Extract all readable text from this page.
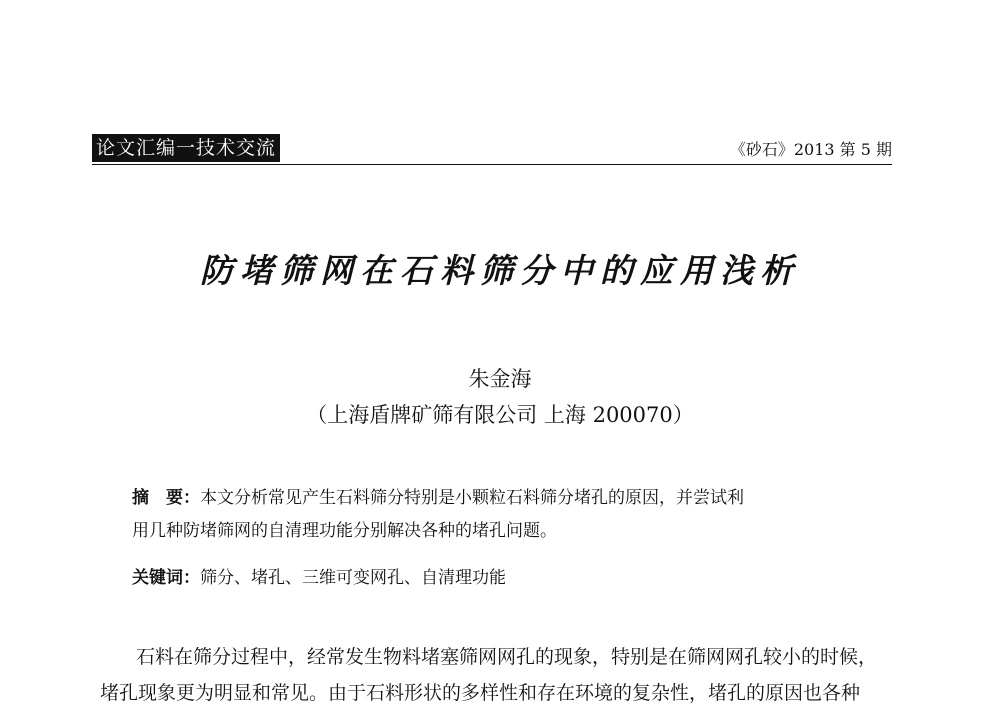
论文汇编一技术交流	《砂石》2013 第 5 期
防堵筛网在石料筛分中的应用浅析
朱金海
（上海盾牌矿筛有限公司 上海 200070）

摘　要：本文分析常见产生石料筛分特别是小颗粒石料筛分堵孔的原因，并尝试利

用几种防堵筛网的自清理功能分别解决各种的堵孔问题。

关键词：筛分、堵孔、三维可变网孔、自清理功能

石料在筛分过程中，经常发生物料堵塞筛网网孔的现象，特别是在筛网网孔较小的时候，

堵孔现象更为明显和常见。由于石料形状的多样性和存在环境的复杂性，堵孔的原因也各种
